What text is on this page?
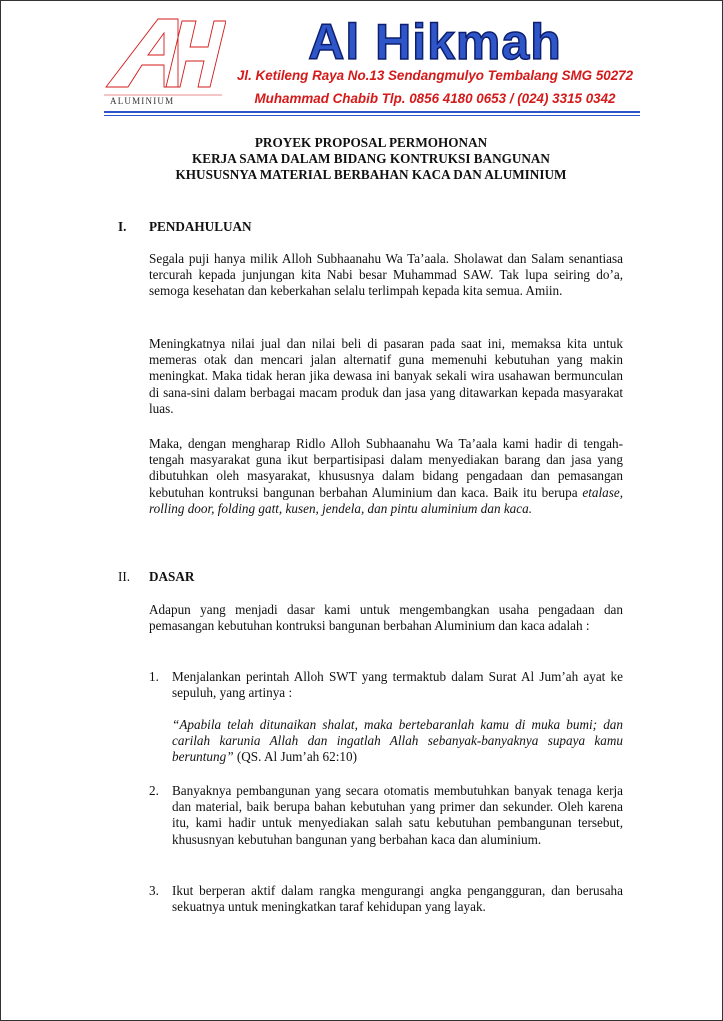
ALUMINIUM
Al Hikmah
Jl. Ketileng Raya No.13 Sendangmulyo Tembalang SMG 50272
Muhammad Chabib Tlp. 0856 4180 0653 / (024) 3315 0342
PROYEK PROPOSAL PERMOHONAN
KERJA SAMA DALAM BIDANG KONTRUKSI BANGUNAN
KHUSUSNYA MATERIAL BERBAHAN KACA DAN ALUMINIUM
I. PENDAHULUAN
Segala puji hanya milik Alloh Subhaanahu Wa Ta’aala. Sholawat dan Salam senantiasa tercurah kepada junjungan kita Nabi besar Muhammad SAW. Tak lupa seiring do’a, semoga kesehatan dan keberkahan selalu terlimpah kepada kita semua. Amiin.
Meningkatnya nilai jual dan nilai beli di pasaran pada saat ini, memaksa kita untuk memeras otak dan mencari jalan alternatif guna memenuhi kebutuhan yang makin meningkat. Maka tidak heran jika dewasa ini banyak sekali wira usahawan bermunculan di sana-sini dalam berbagai macam produk dan jasa yang ditawarkan kepada masyarakat luas.
Maka, dengan mengharap Ridlo Alloh Subhaanahu Wa Ta’aala kami hadir di tengah-tengah masyarakat guna ikut berpartisipasi dalam menyediakan barang dan jasa yang dibutuhkan oleh masyarakat, khususnya dalam bidang pengadaan dan pemasangan kebutuhan kontruksi bangunan berbahan Aluminium dan kaca. Baik itu berupa etalase, rolling door, folding gatt, kusen, jendela, dan pintu aluminium dan kaca.
II. DASAR
Adapun yang menjadi dasar kami untuk mengembangkan usaha pengadaan dan pemasangan kebutuhan kontruksi bangunan berbahan Aluminium dan kaca adalah :
1. Menjalankan perintah Alloh SWT yang termaktub dalam Surat Al Jum’ah ayat ke sepuluh, yang artinya :
“Apabila telah ditunaikan shalat, maka bertebaranlah kamu di muka bumi; dan carilah karunia Allah dan ingatlah Allah sebanyak-banyaknya supaya kamu beruntung” (QS. Al Jum’ah 62:10)
2. Banyaknya pembangunan yang secara otomatis membutuhkan banyak tenaga kerja dan material, baik berupa bahan kebutuhan yang primer dan sekunder. Oleh karena itu, kami hadir untuk menyediakan salah satu kebutuhan pembangunan tersebut, khususnyan kebutuhan bangunan yang berbahan kaca dan aluminium.
3. Ikut berperan aktif dalam rangka mengurangi angka pengangguran, dan berusaha sekuatnya untuk meningkatkan taraf kehidupan yang layak.
